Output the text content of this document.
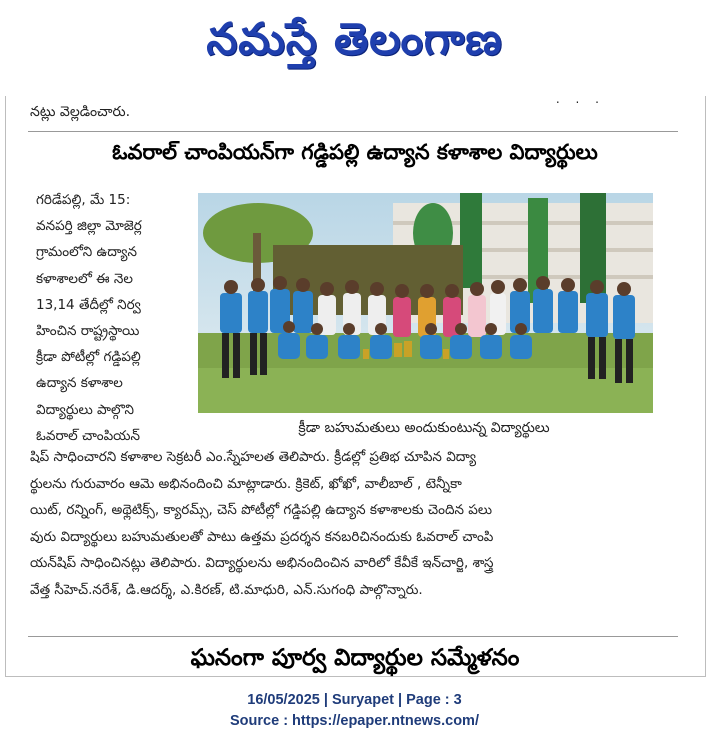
నమస్తే తెలంగాణ
. . .
నట్లు వెల్లడించారు.
ఓవరాల్ చాంపియన్‌గా గడ్డిపల్లి ఉద్యాన కళాశాల విద్యార్థులు
గరిడేపల్లి, మే 15:
వనపర్తి జిల్లా మోజెర్ల
గ్రామంలోని ఉద్యాన
కళాశాలలో ఈ నెల
13,14 తేదీల్లో నిర్వ
హించిన రాష్ట్రస్థాయి
క్రీడా పోటీల్లో గడ్డిపల్లి
ఉద్యాన కళాశాల
విద్యార్థులు పాల్గొని
ఓవరాల్ చాంపియన్	క్రీడా బహుమతులు అందుకుంటున్న విద్యార్థులు
షిప్ సాధించారని కళాశాల సెక్రటరీ ఎం.స్నేహలత తెలిపారు. క్రీడల్లో ప్రతిభ చూపిన విద్యా
ర్థులను గురువారం ఆమె అభినందించి మాట్లాడారు. క్రికెట్, ఖోఖో, వాలీబాల్ , టెన్నీకా
యిట్, రన్నింగ్, అథ్లెటిక్స్, క్యారమ్స్, చెస్ పోటీల్లో గడ్డిపల్లి ఉద్యాన కళాశాలకు చెందిన పలు
వురు విద్యార్థులు బహుమతులతో పాటు ఉత్తమ ప్రదర్శన కనబరిచినందుకు ఓవరాల్ చాంపి
యన్‌షిప్ సాధించినట్లు తెలిపారు. విద్యార్థులను అభినందించిన వారిలో కేవీకే ఇన్‌చార్జి, శాస్త్ర
వేత్త సీహెచ్.నరేశ్, డి.ఆదర్శ్, ఎ.కిరణ్, టి.మాధురి, ఎన్.సుగంధి పాల్గొన్నారు.
ఘనంగా పూర్వ విద్యార్థుల సమ్మేళనం
16/05/2025 | Suryapet | Page : 3
Source : https://epaper.ntnews.com/
